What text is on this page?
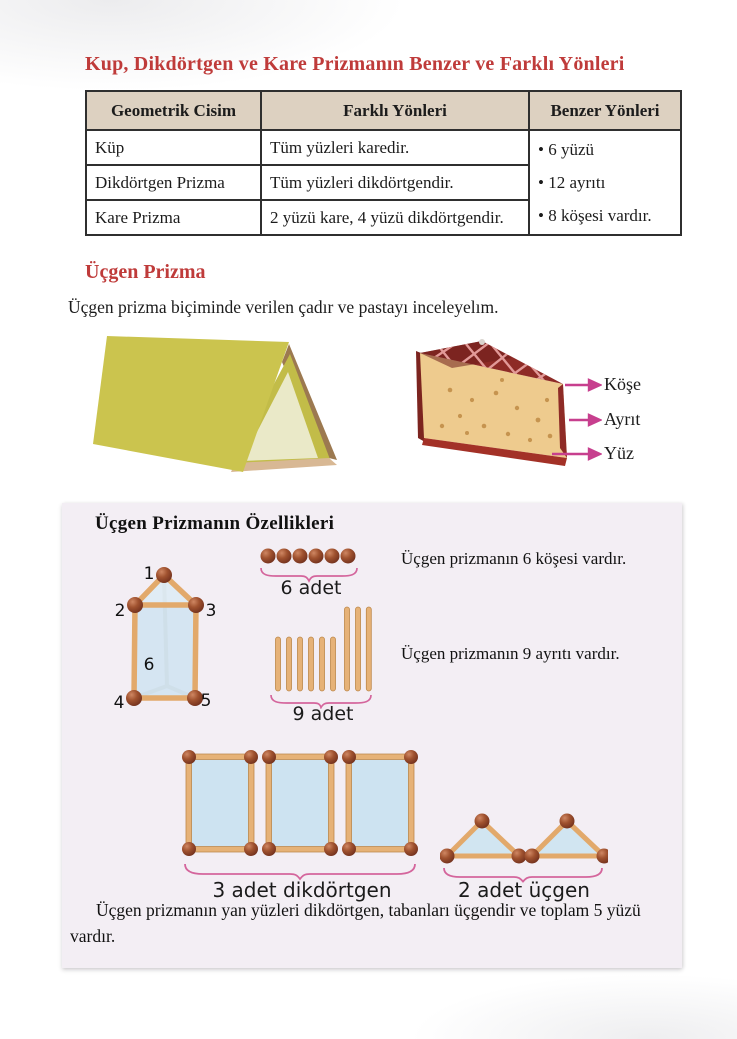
Kup, Dikdörtgen ve Kare Prizmanın Benzer ve Farklı Yönleri
Geometrik Cisim	Farklı Yönleri	Benzer Yönleri
Küp	Tüm yüzleri karedir.	• 6 yüzü
• 12 ayrıtı
• 8 köşesi vardır.

Dikdörtgen Prizma	Tüm yüzleri dikdörtgendir.	
Kare Prizma	2 yüzü kare, 4 yüzü dikdörtgendir.	
Üçgen Prizma

Üçgen prizma biçiminde verilen çadır ve pastayı inceleyelım.

Köşe
Ayrıt
Yüz
Üçgen Prizmanın Özellikleri
1
2	3
4	5
6
6 adet
Üçgen prizmanın 6 köşesi vardır.
9 adet
Üçgen prizmanın 9 ayrıtı vardır.
3 adet dikdörtgen	2 adet üçgen

Üçgen prizmanın yan yüzleri dikdörtgen, tabanları üçgendir ve toplam 5 yüzü vardır.
